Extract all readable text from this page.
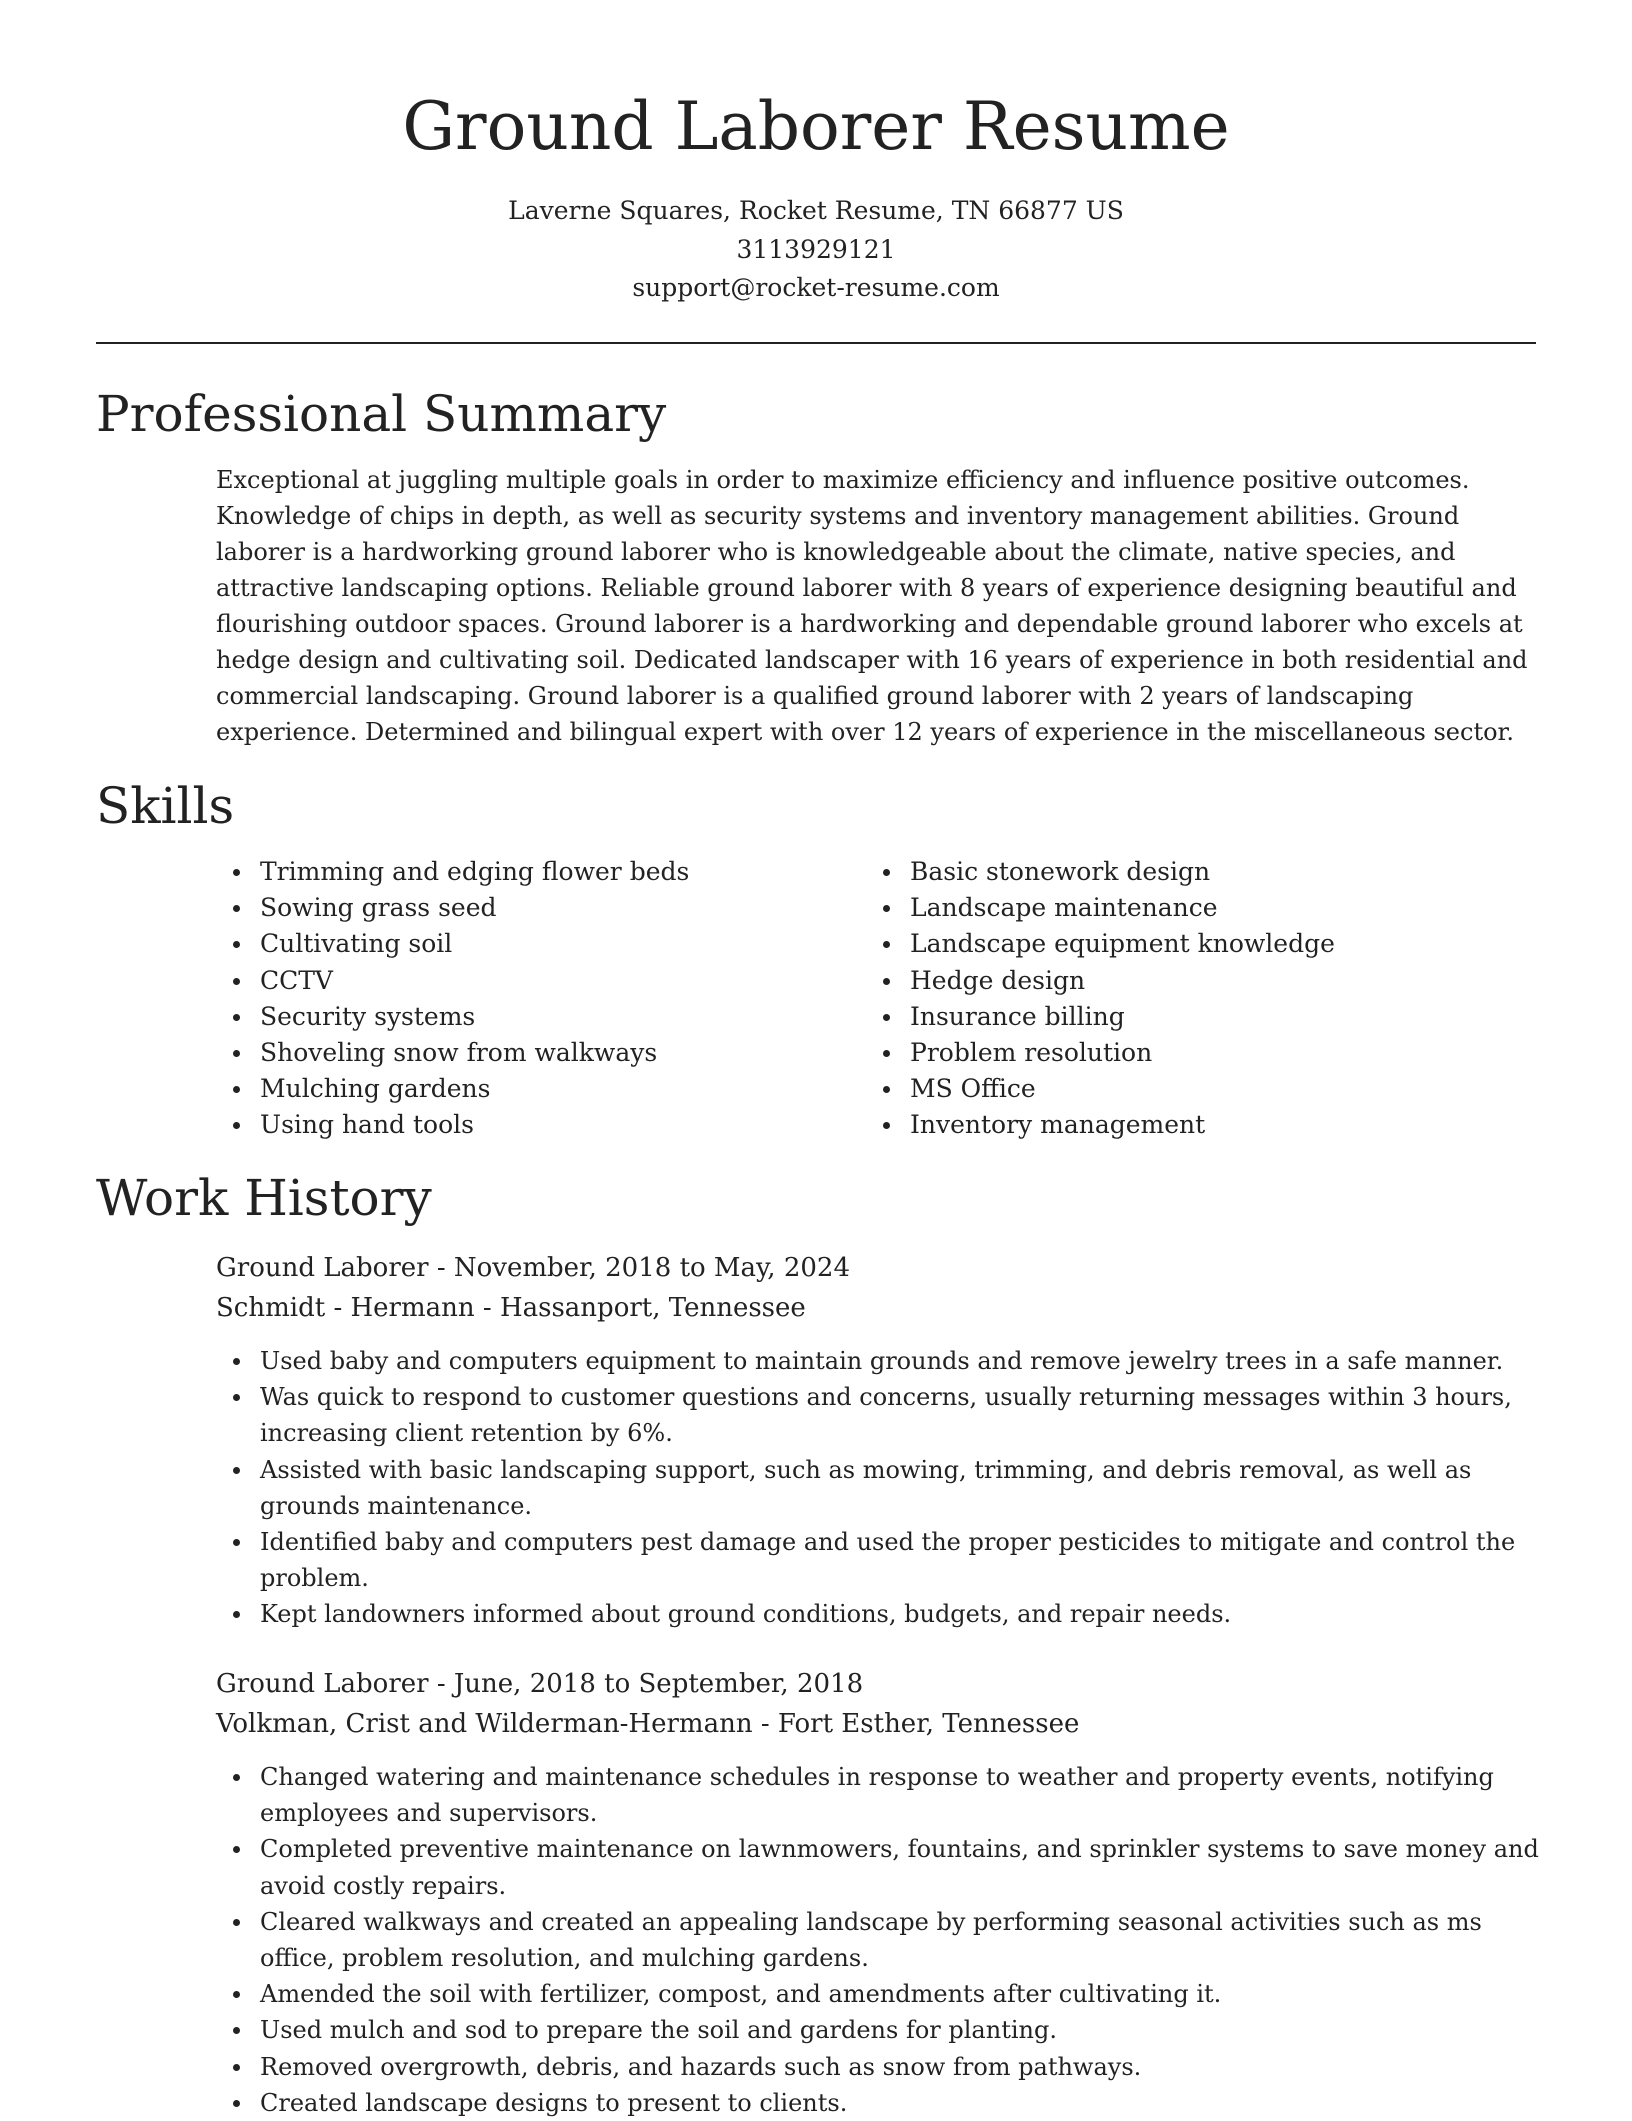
Ground Laborer Resume
Laverne Squares, Rocket Resume, TN 66877 US
3113929121
support@rocket-resume.com
Professional Summary

Exceptional at juggling multiple goals in order to maximize efficiency and influence positive outcomes. Knowledge of chips in depth, as well as security systems and inventory management abilities. Ground laborer is a hardworking ground laborer who is knowledgeable about the climate, native species, and attractive landscaping options. Reliable ground laborer with 8 years of experience designing beautiful and flourishing outdoor spaces. Ground laborer is a hardworking and dependable ground laborer who excels at hedge design and cultivating soil. Dedicated landscaper with 16 years of experience in both residential and commercial landscaping. Ground laborer is a qualified ground laborer with 2 years of landscaping experience. Determined and bilingual expert with over 12 years of experience in the miscellaneous sector.

Skills
Trimming and edging flower beds
Sowing grass seed
Cultivating soil
CCTV
Security systems
Shoveling snow from walkways
Mulching gardens
Using hand tools
Basic stonework design
Landscape maintenance
Landscape equipment knowledge
Hedge design
Insurance billing
Problem resolution
MS Office
Inventory management
Work History
Ground Laborer - November, 2018 to May, 2024
Schmidt - Hermann - Hassanport, Tennessee
Used baby and computers equipment to maintain grounds and remove jewelry trees in a safe manner.
Was quick to respond to customer questions and concerns, usually returning messages within 3 hours, increasing client retention by 6%.
Assisted with basic landscaping support, such as mowing, trimming, and debris removal, as well as grounds maintenance.
Identified baby and computers pest damage and used the proper pesticides to mitigate and control the problem.
Kept landowners informed about ground conditions, budgets, and repair needs.
Ground Laborer - June, 2018 to September, 2018
Volkman, Crist and Wilderman-Hermann - Fort Esther, Tennessee
Changed watering and maintenance schedules in response to weather and property events, notifying employees and supervisors.
Completed preventive maintenance on lawnmowers, fountains, and sprinkler systems to save money and avoid costly repairs.
Cleared walkways and created an appealing landscape by performing seasonal activities such as ms office, problem resolution, and mulching gardens.
Amended the soil with fertilizer, compost, and amendments after cultivating it.
Used mulch and sod to prepare the soil and gardens for planting.
Removed overgrowth, debris, and hazards such as snow from pathways.
Created landscape designs to present to clients.
